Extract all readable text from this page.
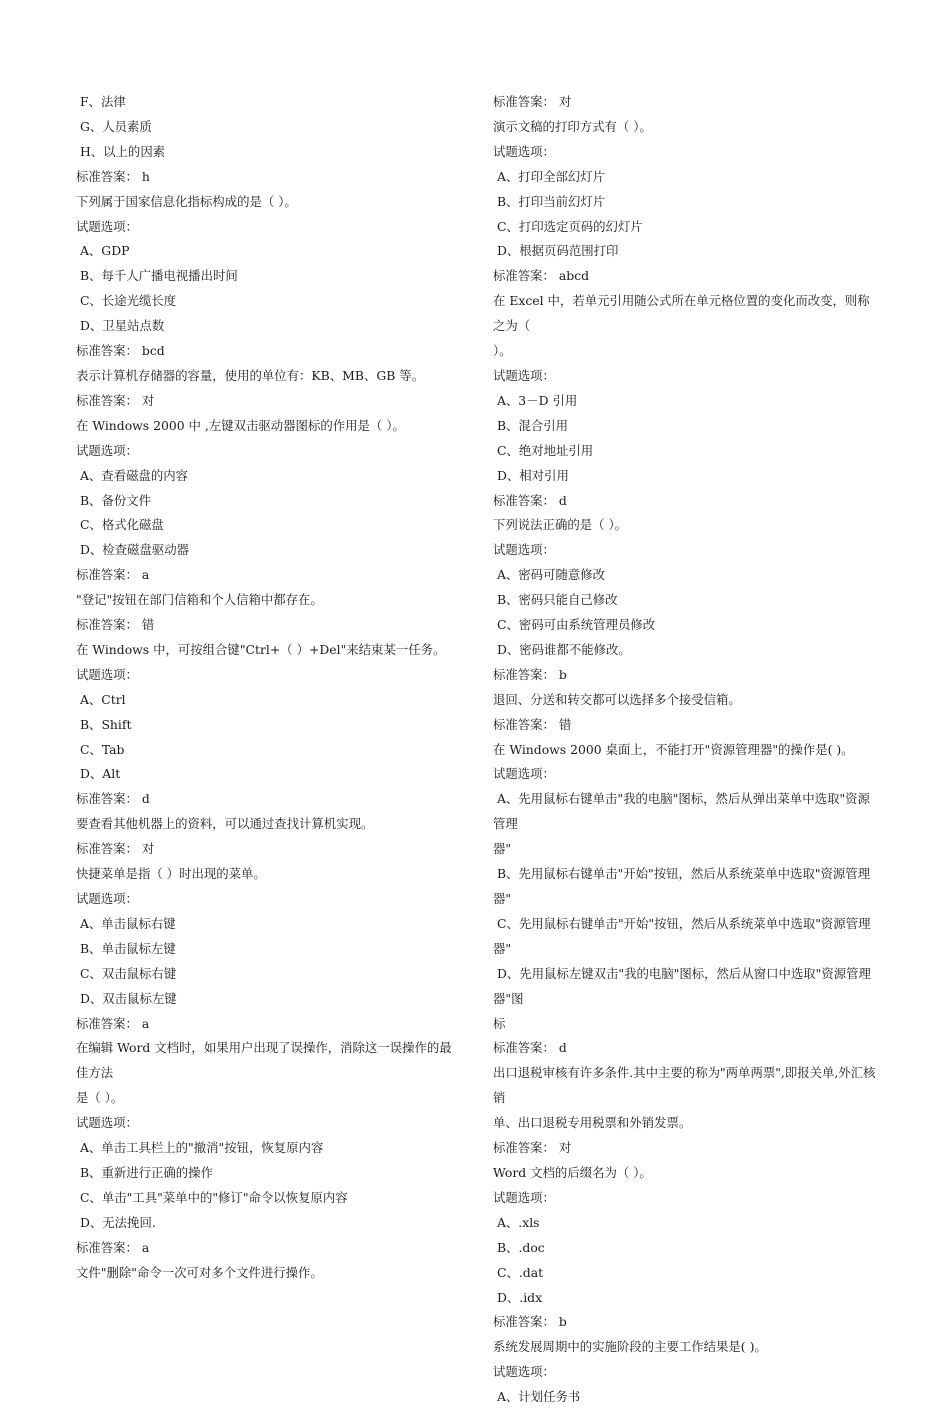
F、法律
G、人员素质
H、以上的因素
标准答案： h
下列属于国家信息化指标构成的是（ ）。
试题选项：
A、GDP
B、每千人广播电视播出时间
C、长途光缆长度
D、卫星站点数
标准答案： bcd
表示计算机存储器的容量，使用的单位有：KB、MB、GB 等。
标准答案： 对
在 Windows 2000 中 ,左键双击驱动器图标的作用是（ ）。
试题选项：
A、查看磁盘的内容
B、备份文件
C、格式化磁盘
D、检查磁盘驱动器
标准答案： a
"登记"按钮在部门信箱和个人信箱中都存在。
标准答案： 错
在 Windows 中，可按组合键"Ctrl+（ ）+Del"来结束某一任务。
试题选项：
A、Ctrl
B、Shift
C、Tab
D、Alt
标准答案： d
要查看其他机器上的资料，可以通过查找计算机实现。
标准答案： 对
快捷菜单是指（ ）时出现的菜单。
试题选项：
A、单击鼠标右键
B、单击鼠标左键
C、双击鼠标右键
D、双击鼠标左键
标准答案： a
在编辑 Word 文档时，如果用户出现了误操作，消除这一误操作的最佳方法
是（ ）。
试题选项：
A、单击工具栏上的"撤消"按钮，恢复原内容
B、重新进行正确的操作
C、单击"工具"菜单中的"修订"命令以恢复原内容
D、无法挽回.
标准答案： a
文件"删除"命令一次可对多个文件进行操作。
标准答案： 对
演示文稿的打印方式有（ ）。
试题选项：
A、打印全部幻灯片
B、打印当前幻灯片
C、打印选定页码的幻灯片
D、根据页码范围打印
标准答案： abcd
在 Excel 中，若单元引用随公式所在单元格位置的变化而改变，则称之为（
）。
试题选项：
A、3－D 引用
B、混合引用
C、绝对地址引用
D、相对引用
标准答案： d
下列说法正确的是（ ）。
试题选项：
A、密码可随意修改
B、密码只能自己修改
C、密码可由系统管理员修改
D、密码谁都不能修改。
标准答案： b
退回、分送和转交都可以选择多个接受信箱。
标准答案： 错
在 Windows 2000 桌面上，不能打开"资源管理器"的操作是( )。
试题选项：
A、先用鼠标右键单击"我的电脑"图标，然后从弹出菜单中选取"资源管理
器"
B、先用鼠标右键单击"开始"按钮，然后从系统菜单中选取"资源管理器"
C、先用鼠标右键单击"开始"按钮，然后从系统菜单中选取"资源管理器"
D、先用鼠标左键双击"我的电脑"图标，然后从窗口中选取"资源管理器"图
标
标准答案： d
出口退税审核有许多条件.其中主要的称为"两单两票",即报关单,外汇核销
单、出口退税专用税票和外销发票。
标准答案： 对
Word 文档的后缀名为（ ）。
试题选项：
A、.xls
B、.doc
C、.dat
D、.idx
标准答案： b
系统发展周期中的实施阶段的主要工作结果是( )。
试题选项：
A、计划任务书
